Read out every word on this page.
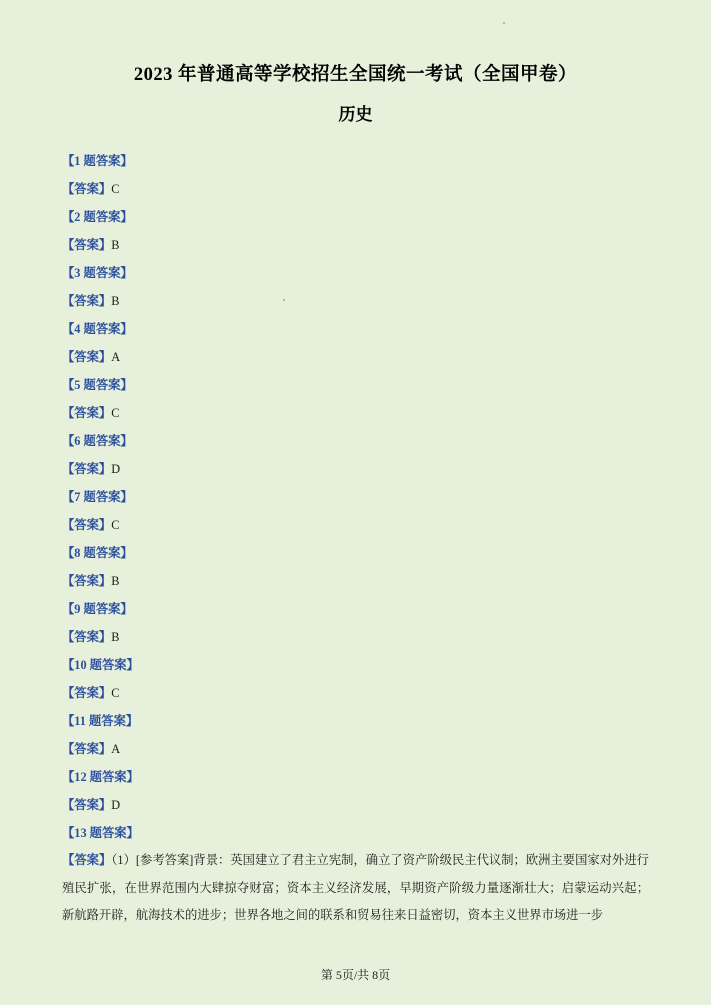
2023 年普通高等学校招生全国统一考试（全国甲卷）
历史
【1 题答案】
【答案】C
【2 题答案】
【答案】B
【3 题答案】
【答案】B
【4 题答案】
【答案】A
【5 题答案】
【答案】C
【6 题答案】
【答案】D
【7 题答案】
【答案】C
【8 题答案】
【答案】B
【9 题答案】
【答案】B
【10 题答案】
【答案】C
【11 题答案】
【答案】A
【12 题答案】
【答案】D
【13 题答案】

【答案】（1）[参考答案]背景：英国建立了君主立宪制，确立了资产阶级民主代议制；欧洲主要国家对外进行殖民扩张，在世界范围内大肆掠夺财富；资本主义经济发展，早期资产阶级力量逐渐壮大；启蒙运动兴起；新航路开辟，航海技术的进步；世界各地之间的联系和贸易往来日益密切，资本主义世界市场进一步

第 5页/共 8页
